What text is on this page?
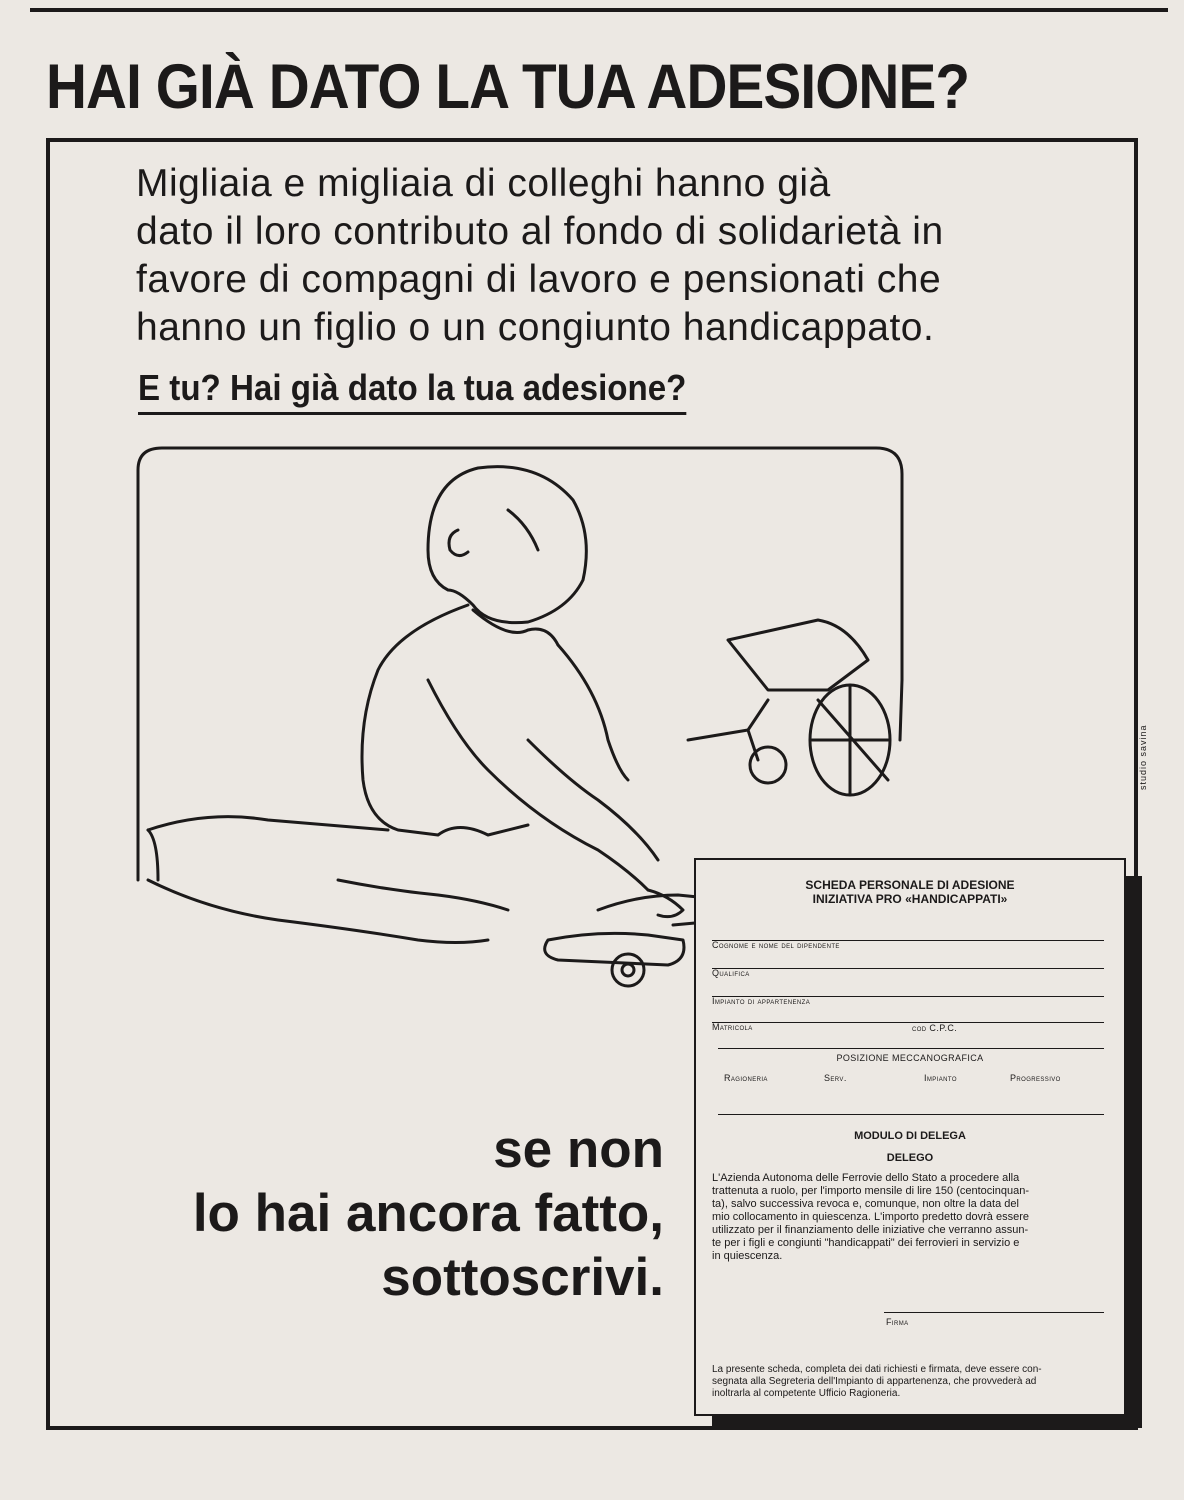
HAI GIÀ DATO LA TUA ADESIONE?
Migliaia e migliaia di colleghi hanno già
dato il loro contributo al fondo di solidarietà in
favore di compagni di lavoro e pensionati che
hanno un figlio o un congiunto handicappato.
E tu? Hai già dato la tua adesione?
studio savina
se non
lo hai ancora fatto,
sottoscrivi.
SCHEDA PERSONALE DI ADESIONE
INIZIATIVA PRO «HANDICAPPATI»
Cognome e nome del dipendente
Qualifica
Impianto di appartenenza
Matricola	cod C.P.C.
POSIZIONE MECCANOGRAFICA
Ragioneria	Serv.	Impianto	Progressivo
MODULO DI DELEGA
DELEGO
L'Azienda Autonoma delle Ferrovie dello Stato a procedere alla
trattenuta a ruolo, per l'importo mensile di lire 150 (centocinquan-
ta), salvo successiva revoca e, comunque, non oltre la data del
mio collocamento in quiescenza. L'importo predetto dovrà essere
utilizzato per il finanziamento delle iniziative che verranno assun-
te per i figli e congiunti "handicappati" dei ferrovieri in servizio e
in quiescenza.
Firma
La presente scheda, completa dei dati richiesti e firmata, deve essere con-
segnata alla Segreteria dell'Impianto di appartenenza, che provvederà ad
inoltrarla al competente Ufficio Ragioneria.
